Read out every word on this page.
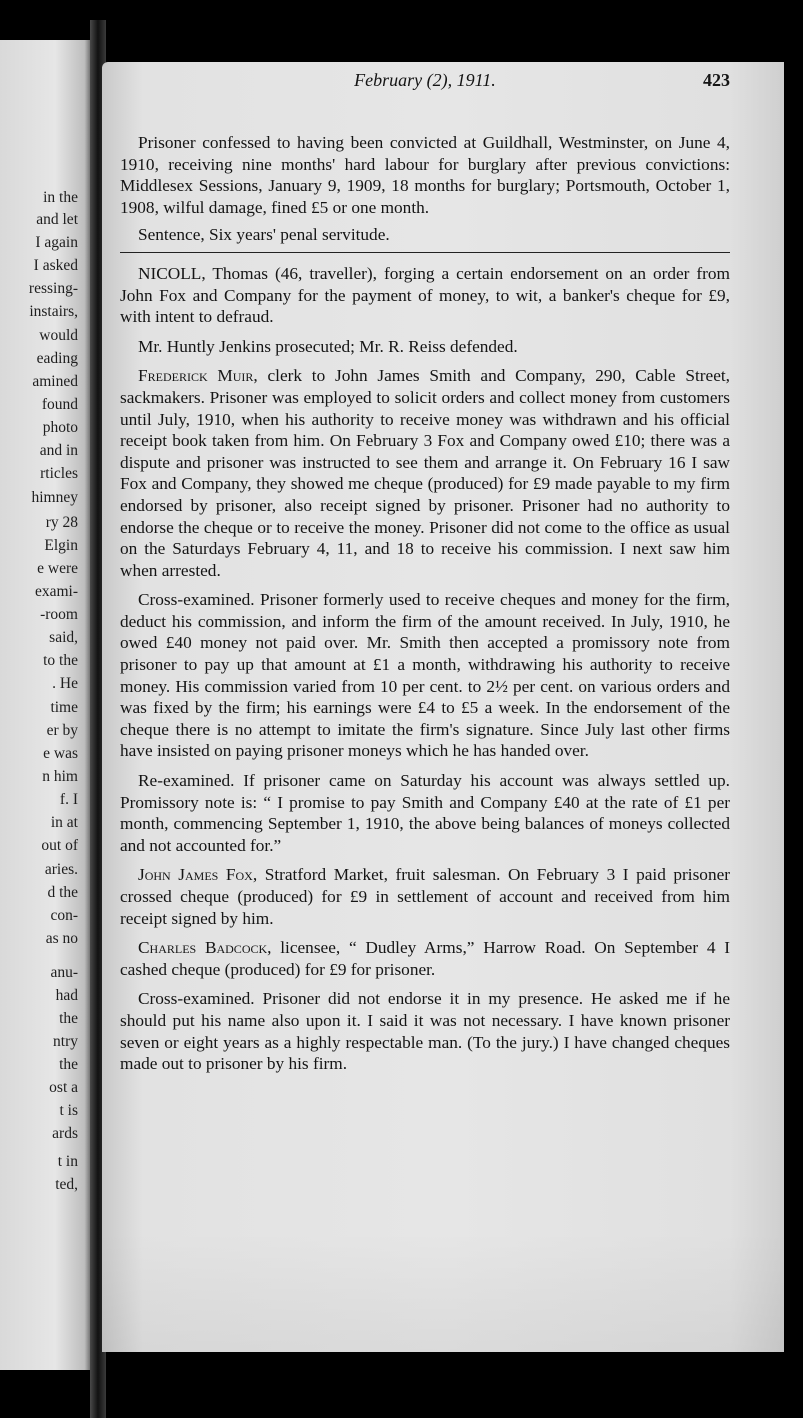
in the
and let
I again
I asked
ressing-
instairs,
would
eading
amined
found
photo
and in
rticles
himney
ry 28
Elgin
e were
exami-
-room
said,
to the
. He
time
er by
e was
n him
f. I
in at
out of
aries.
d the
con-
as no
anu-
had
the
ntry
the
ost a
t is
ards
t in
ted,
February (2), 1911.	423

Prisoner confessed to having been convicted at Guildhall, Westminster, on June 4, 1910, receiving nine months' hard labour for burglary after previous convictions: Middlesex Sessions, January 9, 1909, 18 months for burglary; Portsmouth, October 1, 1908, wilful damage, fined £5 or one month.

Sentence, Six years' penal servitude.

NICOLL, Thomas (46, traveller), forging a certain endorsement on an order from John Fox and Company for the payment of money, to wit, a banker's cheque for £9, with intent to defraud.

Mr. Huntly Jenkins prosecuted; Mr. R. Reiss defended.

Frederick Muir, clerk to John James Smith and Company, 290, Cable Street, sackmakers. Prisoner was employed to solicit orders and collect money from customers until July, 1910, when his authority to receive money was withdrawn and his official receipt book taken from him. On February 3 Fox and Company owed £10; there was a dispute and prisoner was instructed to see them and arrange it. On February 16 I saw Fox and Company, they showed me cheque (produced) for £9 made payable to my firm endorsed by prisoner, also receipt signed by prisoner. Prisoner had no authority to endorse the cheque or to receive the money. Prisoner did not come to the office as usual on the Saturdays February 4, 11, and 18 to receive his commission. I next saw him when arrested.

Cross-examined. Prisoner formerly used to receive cheques and money for the firm, deduct his commission, and inform the firm of the amount received. In July, 1910, he owed £40 money not paid over. Mr. Smith then accepted a promissory note from prisoner to pay up that amount at £1 a month, withdrawing his authority to receive money. His commission varied from 10 per cent. to 2½ per cent. on various orders and was fixed by the firm; his earnings were £4 to £5 a week. In the endorsement of the cheque there is no attempt to imitate the firm's signature. Since July last other firms have insisted on paying prisoner moneys which he has handed over.

Re-examined. If prisoner came on Saturday his account was always settled up. Promissory note is: “ I promise to pay Smith and Company £40 at the rate of £1 per month, commencing September 1, 1910, the above being balances of moneys collected and not accounted for.”

John James Fox, Stratford Market, fruit salesman. On February 3 I paid prisoner crossed cheque (produced) for £9 in settlement of account and received from him receipt signed by him.

Charles Badcock, licensee, “ Dudley Arms,” Harrow Road. On September 4 I cashed cheque (produced) for £9 for prisoner.

Cross-examined. Prisoner did not endorse it in my presence. He asked me if he should put his name also upon it. I said it was not necessary. I have known prisoner seven or eight years as a highly respectable man. (To the jury.) I have changed cheques made out to prisoner by his firm.
